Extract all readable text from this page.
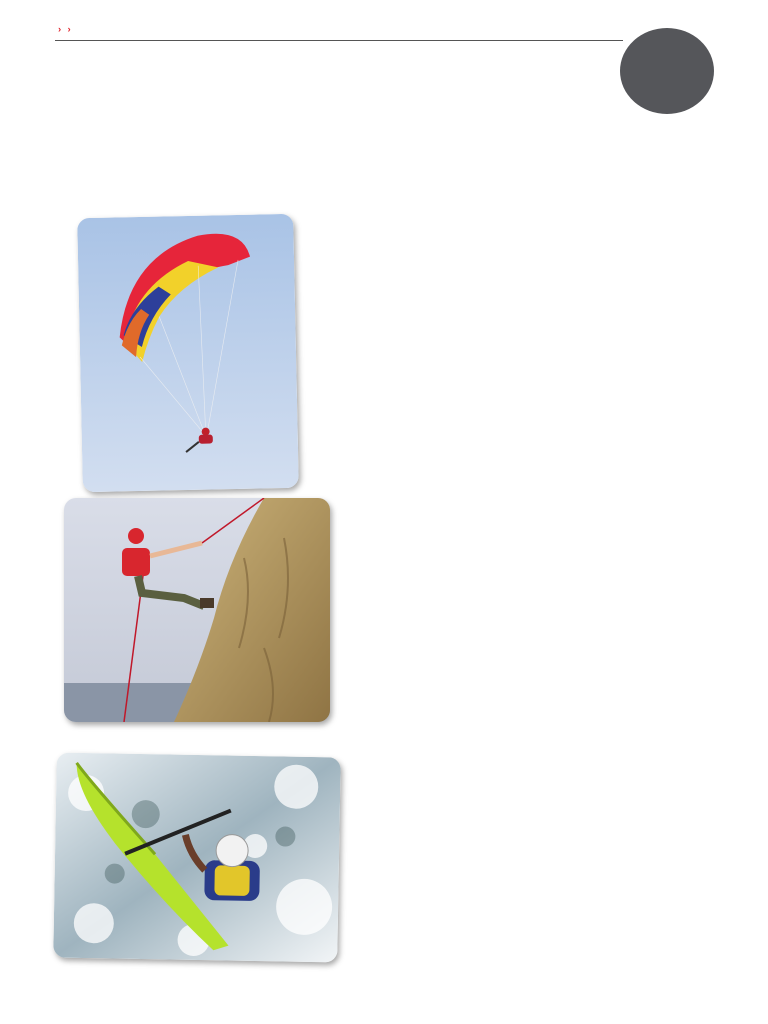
› ›
